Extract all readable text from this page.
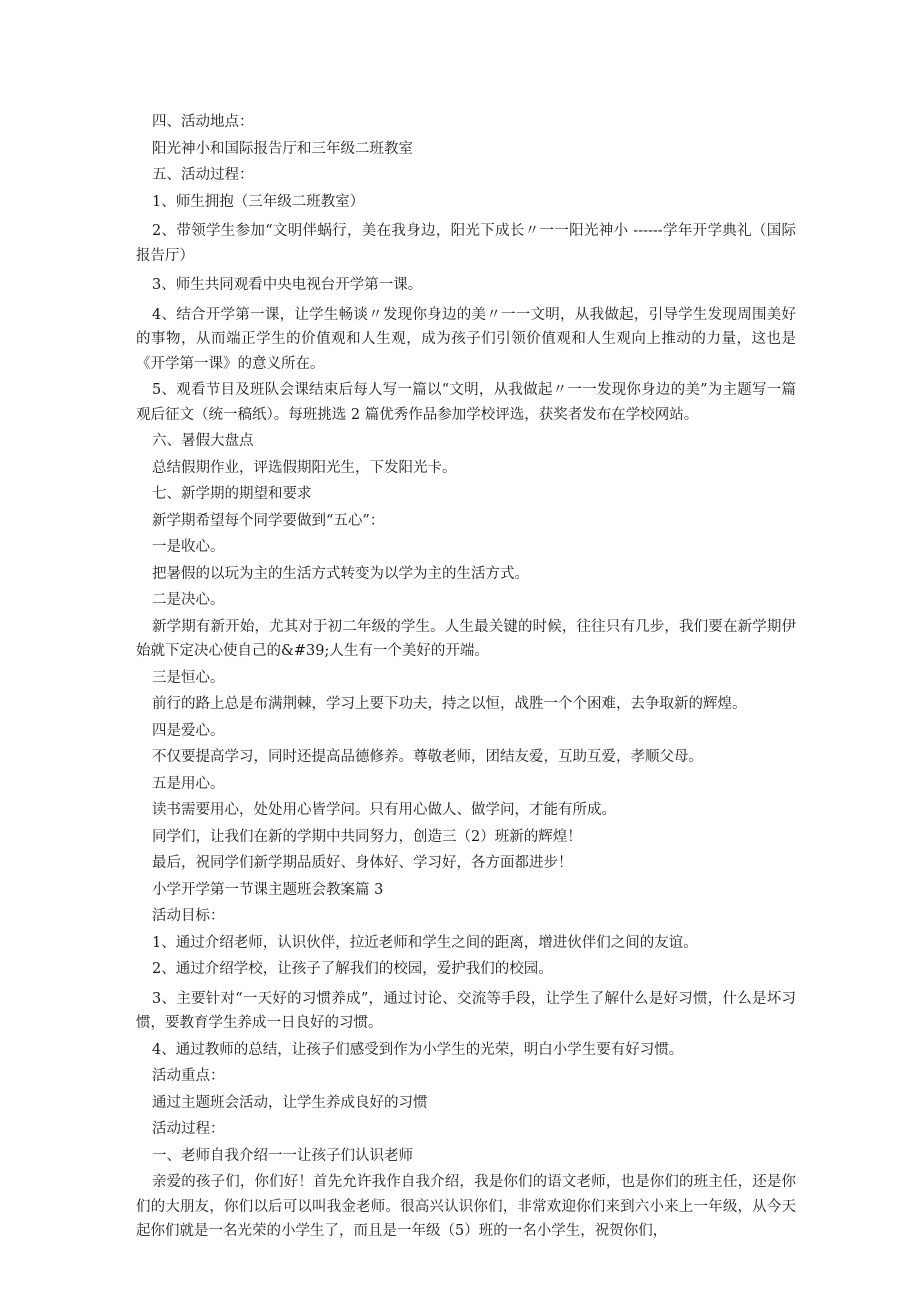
四、活动地点：

阳光神小和国际报告厅和三年级二班教室

五、活动过程：

1、师生拥抱（三年级二班教室）

2、带领学生参加“文明伴蜗行，美在我身边，阳光下成长〃一一阳光神小 ------学年开学典礼（国际报告厅）

3、师生共同观看中央电视台开学第一课。

4、结合开学第一课，让学生畅谈〃发现你身边的美〃一一文明，从我做起，引导学生发现周围美好的事物，从而端正学生的价值观和人生观，成为孩子们引领价值观和人生观向上推动的力量，这也是《开学第一课》的意义所在。

5、观看节目及班队会课结束后每人写一篇以“文明，从我做起〃一一发现你身边的美”为主题写一篇观后征文（统一稿纸）。每班挑选 2 篇优秀作品参加学校评选，获奖者发布在学校网站。

六、暑假大盘点

总结假期作业，评选假期阳光生，下发阳光卡。

七、新学期的期望和要求

新学期希望每个同学要做到“五心”：

一是收心。

把暑假的以玩为主的生活方式转变为以学为主的生活方式。

二是决心。

新学期有新开始，尤其对于初二年级的学生。人生最关键的时候，往往只有几步，我们要在新学期伊始就下定决心使自己的&#39;人生有一个美好的开端。

三是恒心。

前行的路上总是布满荆棘，学习上要下功夫，持之以恒，战胜一个个困难，去争取新的辉煌。

四是爱心。

不仅要提高学习，同时还提高品德修养。尊敬老师，团结友爱，互助互爱，孝顺父母。

五是用心。

读书需要用心，处处用心皆学问。只有用心做人、做学问，才能有所成。

同学们，让我们在新的学期中共同努力，创造三（2）班新的辉煌！

最后，祝同学们新学期品质好、身体好、学习好，各方面都进步！

小学开学第一节课主题班会教案篇 3

活动目标：

1、通过介绍老师，认识伙伴，拉近老师和学生之间的距离，增进伙伴们之间的友谊。

2、通过介绍学校，让孩子了解我们的校园，爱护我们的校园。

3、主要针对“一天好的习惯养成”，通过讨论、交流等手段，让学生了解什么是好习惯，什么是坏习惯，要教育学生养成一日良好的习惯。

4、通过教师的总结，让孩子们感受到作为小学生的光荣，明白小学生要有好习惯。

活动重点：

通过主题班会活动，让学生养成良好的习惯

活动过程：

一、老师自我介绍一一让孩子们认识老师

亲爱的孩子们，你们好！首先允许我作自我介绍，我是你们的语文老师，也是你们的班主任，还是你们的大朋友，你们以后可以叫我金老师。很高兴认识你们，非常欢迎你们来到六小来上一年级，从今天起你们就是一名光荣的小学生了，而且是一年级（5）班的一名小学生，祝贺你们，
